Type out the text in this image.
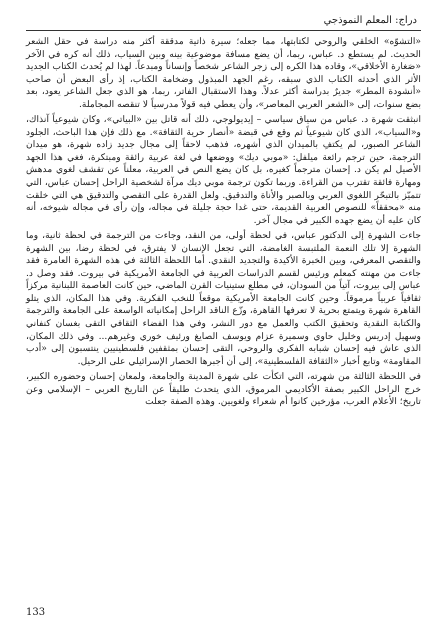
دراج: المعلم النموذجي

«التشوّه» الخلقي والروحي لكتابتها، مما جعله؛ سيرة ذاتية مدققة أكثر منه دراسة في حقل الشعر الحديث. لم يستطع د. عباس، ربما، أن يضع مسافة موضوعية بينه وبين السياب، ذلك أنه كره في الآخر «صَغارة الأخلاقي»، وقاده هذا الكره إلى زجر الشاعر شخصاً وإنساناً ومبدعاً. لهذا لم يُحدث الكتاب الجديد الأثر الذي أحدثه الكتاب الذي سبقه، رغم الجهد المبذول وضخامة الكتاب، إذ رأى البعض أن صاحب «أنشودة المطر» جديرٌ بدراسة أكثر عدلاً. وهذا الاستقبال الفاتر، ربما، هو الذي جعل الشاعر يعود، بعد بضع سنوات، إلى «الشعر العربي المعاصر»، وأن يعطي فيه قولاً مدرسياً لا تنقصه المجاملة.

انبثقت شهرة د. عباس من سياق سياسي – إيديولوجي، ذلك أنه قاتل بين «البياتي»، وكان شيوعياً آنذاك، و«السياب»، الذي كان شيوعياً ثم وقع في قبضة «أنصار حرية الثقافة». مع ذلك فإن هذا الباحث، الجلود الشاعر الصبور، لم يكتفِ بالميدان الذي أشهره، فذهب لاحقاً إلى مجال جديد زاده شهرة، هو ميدان الترجمة، حين ترجم رائعة ميلفل: «موبي ديك» ووضعها في لغة عربية رائقة ومبتكرة، فغي هذا الجهد الأصيل لم يكن د. إحسان مترجماً كغيره، بل كان يضع النص في العربية، معلناً عن تقشف لغوي مدهش ومهارة فائقة تقترب من القراءة. وربما تكون ترجمة موبي ديك مرآة لشخصية الراحل إحسان عباس، التي تتميّز بالتبحّر اللغوي العربي وبالصبر والأناة والتدقيق. ولعل القدرة على التقصي والتدقيق هي التي خلقت منه «محققاً» للنصوص العربية القديمة، حتى غدا حجة جليلة في مجاله، وإن رأى في مجاله شيوخه، أنه كان عليه أن يضع جهده الكبير في مجال آخر.

جاءت الشهرة إلى الدكتور عباس، في لحظة أولى، من النقد، وجاءت من الترجمة في لحظة ثانية، وما الشهرة إلا تلك النعمة الملتبسة الغامضة، التي تجعل الإنسان لا يفترق، في لحظة رضا، بين الشهرة والتقصي المعرفي، وبين الخبرة الأكيدة والتجديد النقدي. أما اللحظة الثالثة في هذه الشهرة العامرة فقد جاءت من مهنته كمعلم ورئيس لقسم الدراسات العربية في الجامعة الأمريكية في بيروت. فقد وصل د. عباس إلى بيروت، آتياً من السودان، في مطلع ستينيات القرن الماضي، حين كانت العاصمة اللبنانية مركزاً ثقافياً عربياً مرموقاً. وحين كانت الجامعة الأمريكية موقعاً للنخب الفكرية. وفي هذا المكان، الذي يتلو القاهرة شهرة ويتمتع بحرية لا تعرفها القاهرة، وزّع الناقد الراحل إمكانياته الواسعة على الجامعة والترجمة والكتابة النقدية وتحقيق الكتب والعمل مع دور النشر، وفي هذا الفضاء الثقافي التقى بغسان كنفاني وسهيل إدريس وخليل حاوي وسميرة عزام ويوسف الصايغ ورئيف خوري وغيرهم... وفي ذلك المكان، الذي عاش فيه إحسان شبابه الفكري والروحي، التقى إحسان بمثقفين فلسطينيين ينتسبون إلى «أدب المقاومة» وتابع أخبار «الثقافة الفلسطينية»، إلى أن أجبرها الحصار الإسرائيلي على الرحيل.

في اللحظة الثالثة من شهرته، التي اتكأت على شهرة المدينة والجامعة، ولمعان إحسان وحضوره الكبير، خرج الراحل الكبير بصفة الأكاديمي المرموق، الذي يتحدث طليقاً عن التاريخ العربي – الإسلامي وعن تاريخ؛ الأعلام العرب، مؤرخين كانوا أم شعراء ولغويين. وهذه الصفة جعلت

133
